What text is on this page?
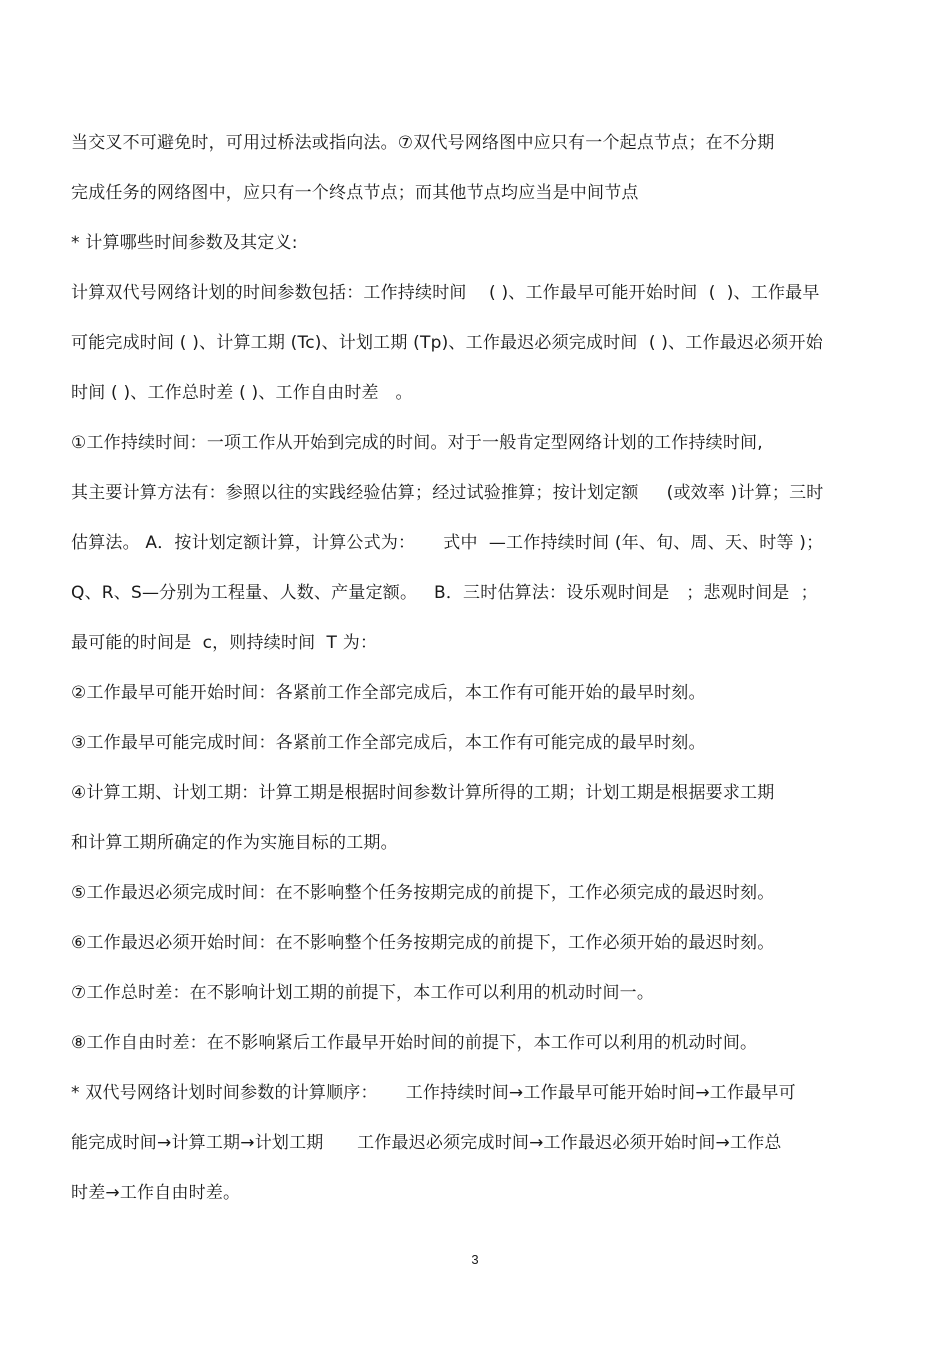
当交叉不可避免时，可用过桥法或指向法。⑦双代号网络图中应只有一个起点节点；在不分期
完成任务的网络图中，应只有一个终点节点；而其他节点均应当是中间节点
* 计算哪些时间参数及其定义:
计算双代号网络计划的时间参数包括：工作持续时间    ( )、工作最早可能开始时间  (  )、工作最早
可能完成时间 ( )、计算工期 (Tc)、计划工期 (Tp)、工作最迟必须完成时间  ( )、工作最迟必须开始
时间 ( )、工作总时差 ( )、工作自由时差   。
①工作持续时间：一项工作从开始到完成的时间。对于一般肯定型网络计划的工作持续时间,
其主要计算方法有：参照以往的实践经验估算；经过试验推算；按计划定额     (或效率 )计算；三时
估算法。 A．按计划定额计算，计算公式为：     式中  —工作持续时间 (年、旬、周、天、时等 )；
Q、R、S—分别为工程量、人数、产量定额。   B．三时估算法：设乐观时间是   ；悲观时间是  ；
最可能的时间是  c，则持续时间  T 为：
②工作最早可能开始时间：各紧前工作全部完成后，本工作有可能开始的最早时刻。
③工作最早可能完成时间：各紧前工作全部完成后，本工作有可能完成的最早时刻。
④计算工期、计划工期：计算工期是根据时间参数计算所得的工期；计划工期是根据要求工期
和计算工期所确定的作为实施目标的工期。
⑤工作最迟必须完成时间：在不影响整个任务按期完成的前提下，工作必须完成的最迟时刻。
⑥工作最迟必须开始时间：在不影响整个任务按期完成的前提下，工作必须开始的最迟时刻。
⑦工作总时差：在不影响计划工期的前提下，本工作可以利用的机动时间一。
⑧工作自由时差：在不影响紧后工作最早开始时间的前提下，本工作可以利用的机动时间。
* 双代号网络计划时间参数的计算顺序：     工作持续时间→工作最早可能开始时间→工作最早可
能完成时间→计算工期→计划工期      工作最迟必须完成时间→工作最迟必须开始时间→工作总
时差→工作自由时差。
3
